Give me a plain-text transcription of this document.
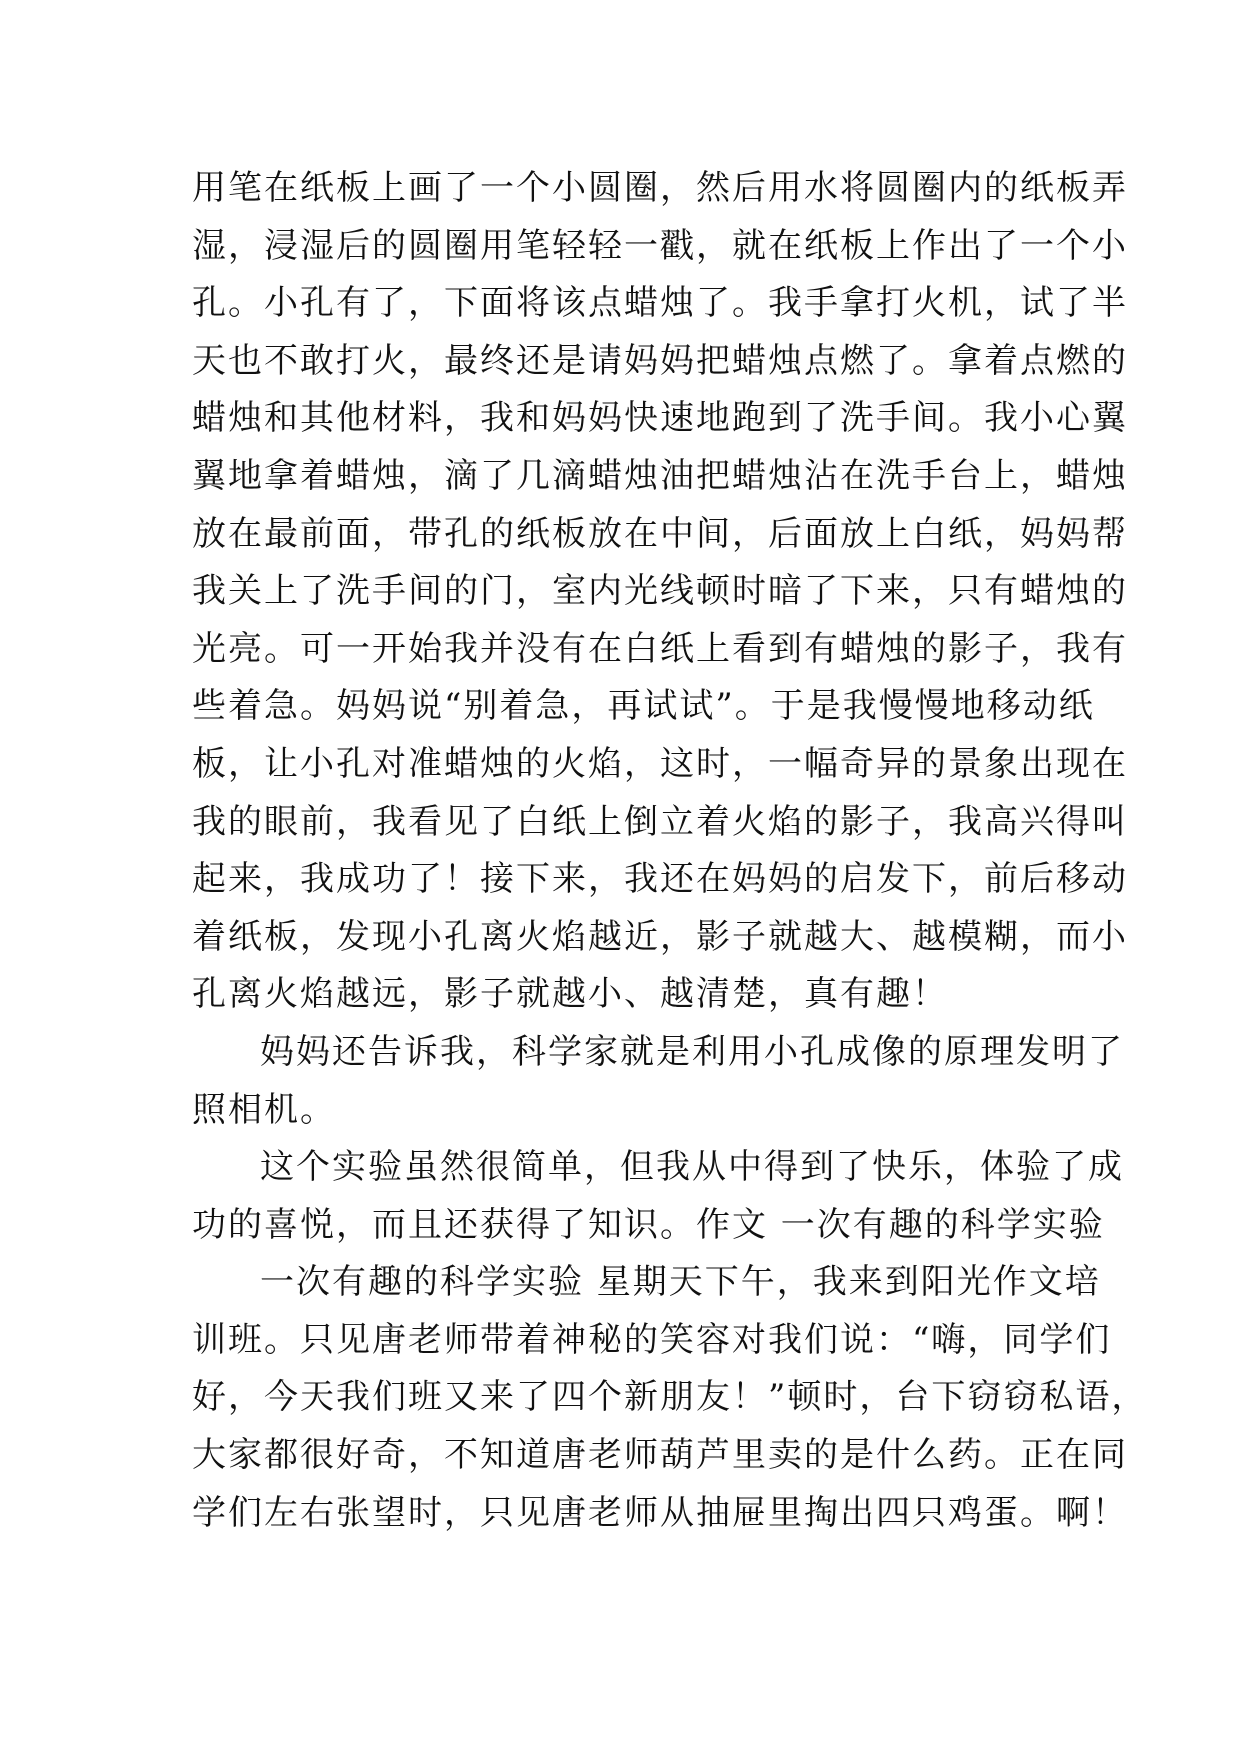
用笔在纸板上画了一个小圆圈，然后用水将圆圈内的纸板弄
湿，浸湿后的圆圈用笔轻轻一戳，就在纸板上作出了一个小
孔。小孔有了，下面将该点蜡烛了。我手拿打火机，试了半
天也不敢打火，最终还是请妈妈把蜡烛点燃了。拿着点燃的
蜡烛和其他材料，我和妈妈快速地跑到了洗手间。我小心翼
翼地拿着蜡烛，滴了几滴蜡烛油把蜡烛沾在洗手台上，蜡烛
放在最前面，带孔的纸板放在中间，后面放上白纸，妈妈帮
我关上了洗手间的门，室内光线顿时暗了下来，只有蜡烛的
光亮。可一开始我并没有在白纸上看到有蜡烛的影子，我有
些着急。妈妈说“别着急，再试试”。于是我慢慢地移动纸
板，让小孔对准蜡烛的火焰，这时，一幅奇异的景象出现在
我的眼前，我看见了白纸上倒立着火焰的影子，我高兴得叫
起来，我成功了！接下来，我还在妈妈的启发下，前后移动
着纸板，发现小孔离火焰越近，影子就越大、越模糊，而小
孔离火焰越远，影子就越小、越清楚，真有趣！
妈妈还告诉我，科学家就是利用小孔成像的原理发明了
照相机。
这个实验虽然很简单，但我从中得到了快乐，体验了成
功的喜悦，而且还获得了知识。作文 一次有趣的科学实验
一次有趣的科学实验 星期天下午，我来到阳光作文培
训班。只见唐老师带着神秘的笑容对我们说：“嗨，同学们
好，今天我们班又来了四个新朋友！”顿时，台下窃窃私语，
大家都很好奇，不知道唐老师葫芦里卖的是什么药。正在同
学们左右张望时，只见唐老师从抽屉里掏出四只鸡蛋。啊！
